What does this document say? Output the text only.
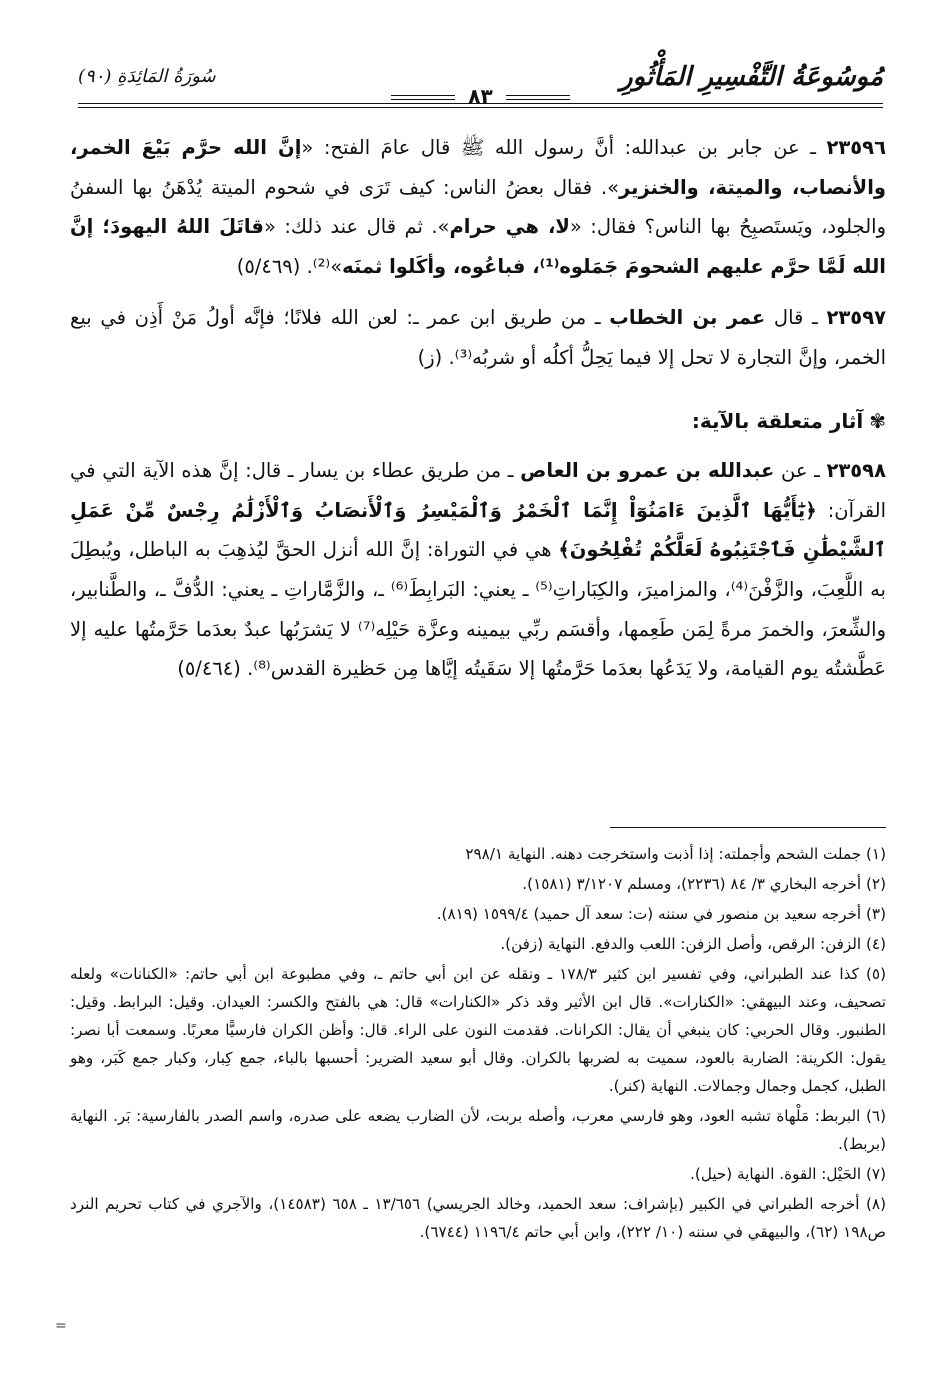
مُوسُوعَةُ التَّفْسِيرِ المَأْثُورِ
٨٣
سُورَةُ المَائِدَةِ (٩٠)

٢٣٥٩٦ ـ عن جابر بن عبدالله: أنَّ رسول الله ﷺ قال عامَ الفتح: «إنَّ الله حرَّم بَيْعَ الخمر، والأنصاب، والميتة، والخنزير». فقال بعضُ الناس: كيف تَرَى في شحوم الميتة يُدْهَنُ بها السفنُ والجلود، ويَستَصبِحُ بها الناس؟ فقال: «لا، هي حرام». ثم قال عند ذلك: «قاتَلَ اللهُ اليهودَ؛ إنَّ الله لَمَّا حرَّم عليهم الشحومَ جَمَلوه⁽¹⁾، فباعُوه، وأكَلوا ثمنَه»⁽²⁾. (٥/٤٦٩)

٢٣٥٩٧ ـ قال عمر بن الخطاب ـ من طريق ابن عمر ـ: لعن الله فلانًا؛ فإنَّه أولُ مَنْ أَذِن في بيع الخمر، وإنَّ التجارة لا تحل إلا فيما يَحِلُّ أكلُه أو شربُه⁽³⁾. (ز)

✾آثار متعلقة بالآية:

٢٣٥٩٨ ـ عن عبدالله بن عمرو بن العاص ـ من طريق عطاء بن يسار ـ قال: إنَّ هذه الآية التي في القرآن: ﴿يَٰٓأَيُّهَا ٱلَّذِينَ ءَامَنُوٓاْ إِنَّمَا ٱلْخَمْرُ وَٱلْمَيْسِرُ وَٱلْأَنصَابُ وَٱلْأَزْلَٰمُ رِجْسٌ مِّنْ عَمَلِ ٱلشَّيْطَٰنِ فَٱجْتَنِبُوهُ لَعَلَّكُمْ تُفْلِحُونَ﴾ هي في التوراة: إنَّ الله أنزل الحقَّ ليُذهِبَ به الباطل، ويُبطِلَ به اللَّعِبَ، والزَّفْنَ⁽⁴⁾، والمزاميرَ، والكِبَاراتِ⁽⁵⁾ ـ يعني: البَرابِطَ⁽⁶⁾ ـ، والزَّمَّاراتِ ـ يعني: الدُّفَّ ـ، والطَّنابير، والشِّعرَ، والخمرَ مرةً لِمَن طَعِمها، وأقسَم ربِّي بيمينه وعزَّة حَيْلِه⁽⁷⁾ لا يَشرَبُها عبدٌ بعدَما حَرَّمتُها عليه إلا عَطَّشتُه يوم القيامة، ولا يَدَعُها بعدَما حَرَّمتُها إلا سَقَيتُه إيَّاها مِن حَظيرة القدس⁽⁸⁾. (٥/٤٦٤)

(١) جملت الشحم وأجملته: إذا أذبت واستخرجت دهنه. النهاية ٢٩٨/١

(٢) أخرجه البخاري ٣/ ٨٤ (٢٢٣٦)، ومسلم ٣/١٢٠٧ (١٥٨١).

(٣) أخرجه سعيد بن منصور في سننه (ت: سعد آل حميد) ١٥٩٩/٤ (٨١٩).

(٤) الزفن: الرقص، وأصل الزفن: اللعب والدفع. النهاية (زفن).

(٥) كذا عند الطبراني، وفي تفسير ابن كثير ١٧٨/٣ ـ ونقله عن ابن أبي حاتم ـ، وفي مطبوعة ابن أبي حاتم: «الكنانات» ولعله تصحيف، وعند البيهقي: «الكنارات». قال ابن الأثير وقد ذكر «الكنارات» قال: هي بالفتح والكسر: العيدان. وقيل: البرابط. وقيل: الطنبور. وقال الحربي: كان ينبغي أن يقال: الكرانات. فقدمت النون على الراء. قال: وأظن الكران فارسيًّا معربًا. وسمعت أبا نصر: يقول: الكرينة: الضاربة بالعود، سميت به لضربها بالكران. وقال أبو سعيد الضرير: أحسبها بالباء، جمع كِبار، وكبار جمع كَبَر، وهو الطبل، كجمل وجمال وجمالات. النهاية (كنر).

(٦) البربط: مَلْهاة تشبه العود، وهو فارسي معرب، وأصله بربت، لأن الضارب يضعه على صدره، واسم الصدر بالفارسية: بَر. النهاية (بربط).

(٧) الحَيْل: القوة. النهاية (حيل).

(٨) أخرجه الطبراني في الكبير (بإشراف: سعد الحميد، وخالد الجريسي) ١٣/٦٥٦ ـ ٦٥٨ (١٤٥٨٣)، والآجري في كتاب تحريم النرد ص١٩٨ (٦٢)، والبيهقي في سننه (١٠/ ٢٢٢)، وابن أبي حاتم ١١٩٦/٤ (٦٧٤٤).

=
